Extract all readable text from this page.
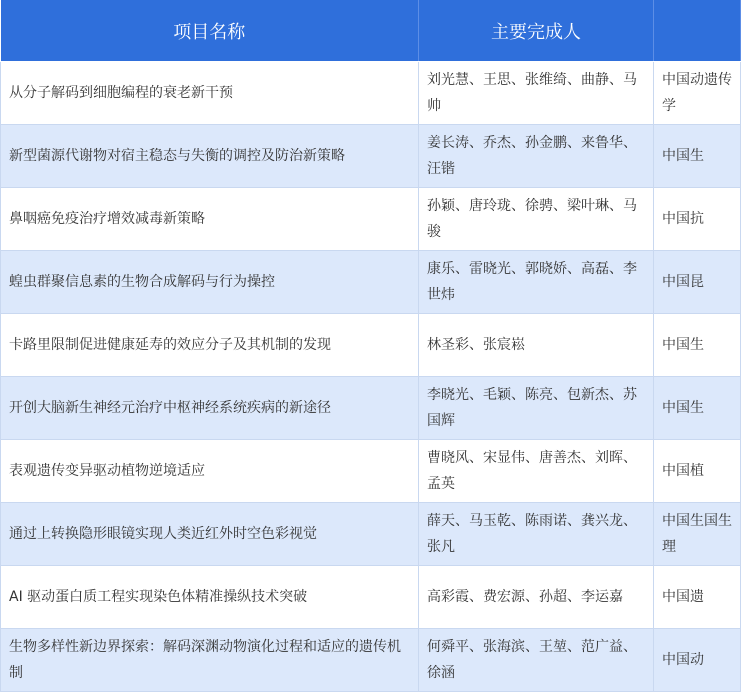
项目名称	主要完成人	
从分子解码到细胞编程的衰老新干预	刘光慧、王思、张维绮、曲静、马帅	中国动遗传学
新型菌源代谢物对宿主稳态与失衡的调控及防治新策略	姜长涛、乔杰、孙金鹏、来鲁华、汪锴	中国生
鼻咽癌免疫治疗增效减毒新策略	孙颖、唐玲珑、徐骋、梁叶琳、马骏	中国抗
蝗虫群聚信息素的生物合成解码与行为操控	康乐、雷晓光、郭晓娇、高磊、李世炜	中国昆
卡路里限制促进健康延寿的效应分子及其机制的发现	林圣彩、张宸崧	中国生
开创大脑新生神经元治疗中枢神经系统疾病的新途径	李晓光、毛颖、陈亮、包新杰、苏国辉	中国生
表观遗传变异驱动植物逆境适应	曹晓风、宋显伟、唐善杰、刘晖、孟英	中国植
通过上转换隐形眼镜实现人类近红外时空色彩视觉	薛天、马玉乾、陈雨诺、龚兴龙、张凡	中国生国生理
AI 驱动蛋白质工程实现染色体精准操纵技术突破	高彩霞、费宏源、孙超、李运嘉	中国遗
生物多样性新边界探索：解码深渊动物演化过程和适应的遗传机制	何舜平、张海滨、王堃、范广益、徐涵	中国动
